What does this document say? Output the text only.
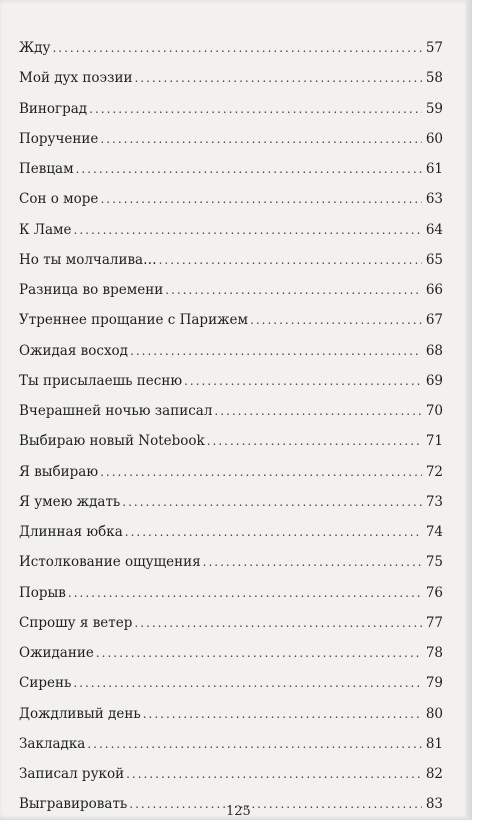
Жду .....	57
Мой дух поэзии .....	58
Виноград .....	59
Поручение .....	60
Певцам .....	61
Сон о море .....	63
К Ламе .....	64
Но ты молчалива… .....	65
Разница во времени .....	66
Утреннее прощание с Парижем .....	67
Ожидая восход .....	68
Ты присылаешь песню .....	69
Вчерашней ночью записал .....	70
Выбираю новый Notebook .....	71
Я выбираю .....	72
Я умею ждать .....	73
Длинная юбка .....	74
Истолкование ощущения .....	75
Порыв .....	76
Спрошу я ветер .....	77
Ожидание .....	78
Сирень .....	79
Дождливый день .....	80
Закладка .....	81
Записал рукой .....	82
Выгравировать .....	83
125
